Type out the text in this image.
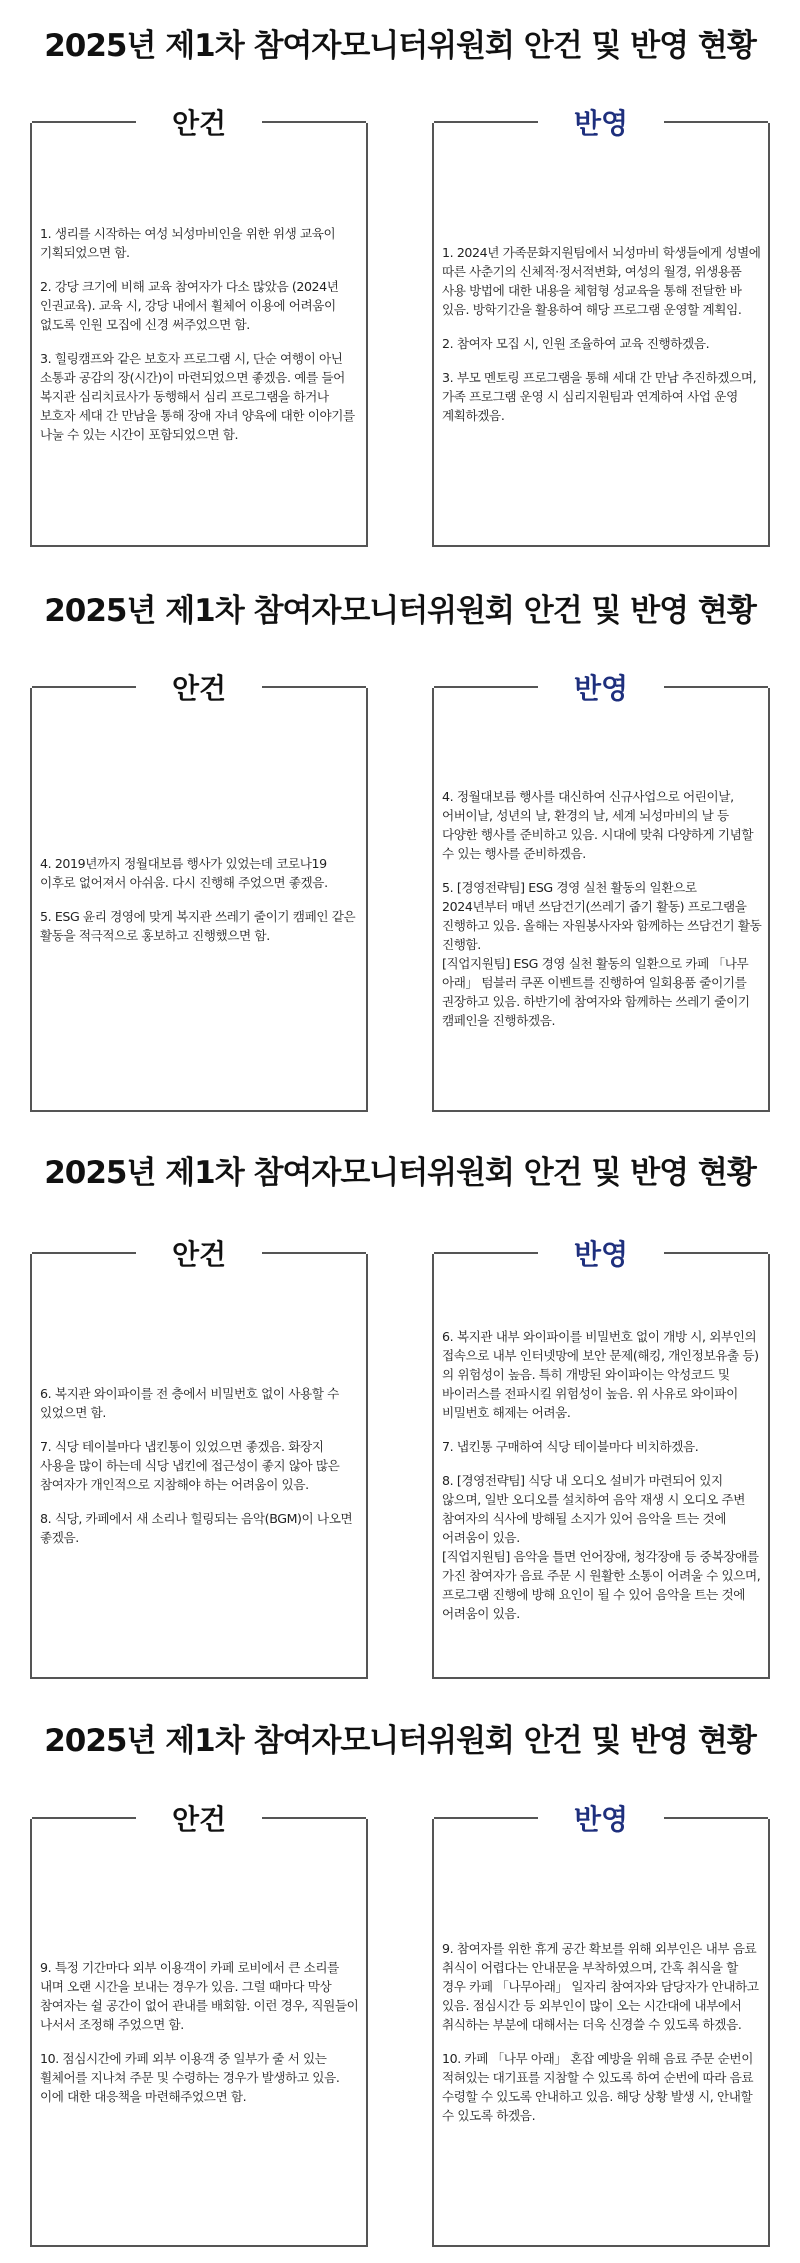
2025년 제1차 참여자모니터위원회 안건 및 반영 현황
안건

1. 생리를 시작하는 여성 뇌성마비인을 위한 위생 교육이 기획되었으면 함.

2. 강당 크기에 비해 교육 참여자가 다소 많았음 (2024년 인권교육). 교육 시, 강당 내에서 휠체어 이용에 어려움이 없도록 인원 모집에 신경 써주었으면 함.

3. 힐링캠프와 같은 보호자 프로그램 시, 단순 여행이 아닌 소통과 공감의 장(시간)이 마련되었으면 좋겠음. 예를 들어 복지관 심리치료사가 동행해서 심리 프로그램을 하거나 보호자 세대 간 만남을 통해 장애 자녀 양육에 대한 이야기를 나눌 수 있는 시간이 포함되었으면 함.

반영

1. 2024년 가족문화지원팀에서 뇌성마비 학생들에게 성별에 따른 사춘기의 신체적·정서적변화, 여성의 월경, 위생용품 사용 방법에 대한 내용을 체험형 성교육을 통해 전달한 바 있음. 방학기간을 활용하여 해당 프로그램 운영할 계획임.

2. 참여자 모집 시, 인원 조율하여 교육 진행하겠음.

3. 부모 멘토링 프로그램을 통해 세대 간 만남 추진하겠으며, 가족 프로그램 운영 시 심리지원팀과 연계하여 사업 운영 계획하겠음.

2025년 제1차 참여자모니터위원회 안건 및 반영 현황
안건

4. 2019년까지 정월대보름 행사가 있었는데 코로나19 이후로 없어져서 아쉬움. 다시 진행해 주었으면 좋겠음.

5. ESG 윤리 경영에 맞게 복지관 쓰레기 줄이기 캠페인 같은 활동을 적극적으로 홍보하고 진행했으면 함.

반영

4. 정월대보름 행사를 대신하여 신규사업으로 어린이날, 어버이날, 성년의 날, 환경의 날, 세계 뇌성마비의 날 등 다양한 행사를 준비하고 있음. 시대에 맞춰 다양하게 기념할 수 있는 행사를 준비하겠음.

5. [경영전략팀] ESG 경영 실천 활동의 일환으로 2024년부터 매년 쓰담건기(쓰레기 줍기 활동) 프로그램을 진행하고 있음. 올해는 자원봉사자와 함께하는 쓰담건기 활동 진행함.
[직업지원팀] ESG 경영 실천 활동의 일환으로 카페 「나무 아래」 텀블러 쿠폰 이벤트를 진행하여 일회용품 줄이기를 권장하고 있음. 하반기에 참여자와 함께하는 쓰레기 줄이기 캠페인을 진행하겠음.

2025년 제1차 참여자모니터위원회 안건 및 반영 현황
안건

6. 복지관 와이파이를 전 층에서 비밀번호 없이 사용할 수 있었으면 함.

7. 식당 테이블마다 냅킨통이 있었으면 좋겠음. 화장지 사용을 많이 하는데 식당 냅킨에 접근성이 좋지 않아 많은 참여자가 개인적으로 지참해야 하는 어려움이 있음.

8. 식당, 카페에서 새 소리나 힐링되는 음악(BGM)이 나오면 좋겠음.

반영

6. 복지관 내부 와이파이를 비밀번호 없이 개방 시, 외부인의 접속으로 내부 인터넷망에 보안 문제(해킹, 개인정보유출 등)의 위험성이 높음. 특히 개방된 와이파이는 악성코드 및 바이러스를 전파시킬 위험성이 높음. 위 사유로 와이파이 비밀번호 해제는 어려움.

7. 냅킨통 구매하여 식당 테이블마다 비치하겠음.

8. [경영전략팀] 식당 내 오디오 설비가 마련되어 있지 않으며, 일반 오디오를 설치하여 음악 재생 시 오디오 주변 참여자의 식사에 방해될 소지가 있어 음악을 트는 것에 어려움이 있음.
[직업지원팀] 음악을 틀면 언어장애, 청각장애 등 중복장애를 가진 참여자가 음료 주문 시 원활한 소통이 어려울 수 있으며, 프로그램 진행에 방해 요인이 될 수 있어 음악을 트는 것에 어려움이 있음.

2025년 제1차 참여자모니터위원회 안건 및 반영 현황
안건

9. 특정 기간마다 외부 이용객이 카페 로비에서 큰 소리를 내며 오랜 시간을 보내는 경우가 있음. 그럴 때마다 막상 참여자는 쉴 공간이 없어 관내를 배회함. 이런 경우, 직원들이 나서서 조정해 주었으면 함.

10. 점심시간에 카페 외부 이용객 중 일부가 줄 서 있는 휠체어를 지나쳐 주문 및 수령하는 경우가 발생하고 있음. 이에 대한 대응책을 마련해주었으면 함.

반영

9. 참여자를 위한 휴게 공간 확보를 위해 외부인은 내부 음료 취식이 어렵다는 안내문을 부착하였으며, 간혹 취식을 할 경우 카페 「나무아래」 일자리 참여자와 담당자가 안내하고 있음. 점심시간 등 외부인이 많이 오는 시간대에 내부에서 취식하는 부분에 대해서는 더욱 신경쓸 수 있도록 하겠음.

10. 카페 「나무 아래」 혼잡 예방을 위해 음료 주문 순번이 적혀있는 대기표를 지참할 수 있도록 하여 순번에 따라 음료 수령할 수 있도록 안내하고 있음. 해당 상황 발생 시, 안내할 수 있도록 하겠음.
